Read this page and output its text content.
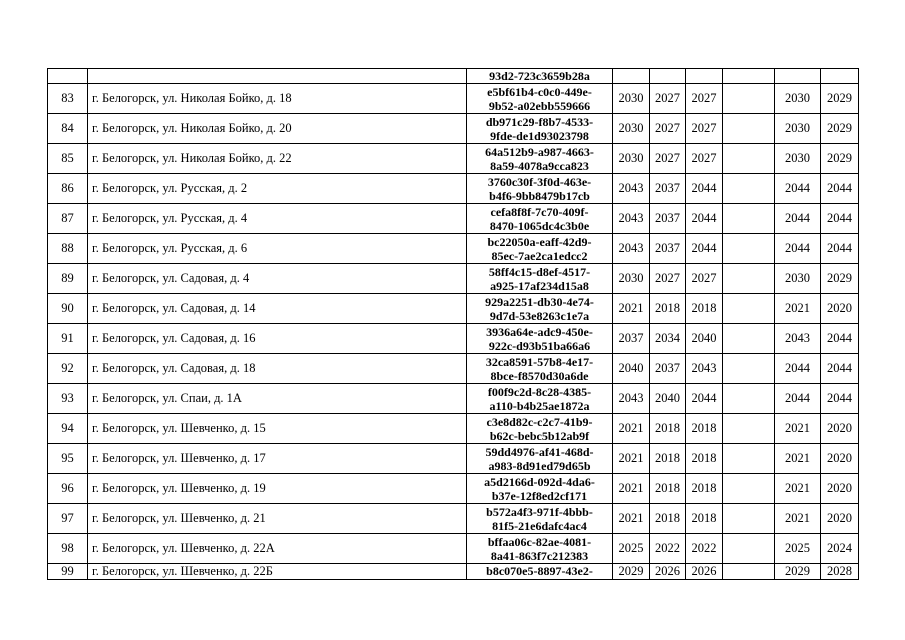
		93d2-723c3659b28a						

83	г. Белогорск, ул. Николая Бойко, д. 18	e5bf61b4-c0c0-449e-
9b52-a02ebb559666	2030	2027	2027		2030	2029
84	г. Белогорск, ул. Николая Бойко, д. 20	db971c29-f8b7-4533-
9fde-de1d93023798	2030	2027	2027		2030	2029
85	г. Белогорск, ул. Николая Бойко, д. 22	64a512b9-a987-4663-
8a59-4078a9cca823	2030	2027	2027		2030	2029
86	г. Белогорск, ул. Русская, д. 2	3760c30f-3f0d-463e-
b4f6-9bb8479b17cb	2043	2037	2044		2044	2044
87	г. Белогорск, ул. Русская, д. 4	cefa8f8f-7c70-409f-
8470-1065dc4c3b0e	2043	2037	2044		2044	2044
88	г. Белогорск, ул. Русская, д. 6	bc22050a-eaff-42d9-
85ec-7ae2ca1edcc2	2043	2037	2044		2044	2044
89	г. Белогорск, ул. Садовая, д. 4	58ff4c15-d8ef-4517-
a925-17af234d15a8	2030	2027	2027		2030	2029
90	г. Белогорск, ул. Садовая, д. 14	929a2251-db30-4e74-
9d7d-53e8263c1e7a	2021	2018	2018		2021	2020
91	г. Белогорск, ул. Садовая, д. 16	3936a64e-adc9-450e-
922c-d93b51ba66a6	2037	2034	2040		2043	2044
92	г. Белогорск, ул. Садовая, д. 18	32ca8591-57b8-4e17-
8bce-f8570d30a6de	2040	2037	2043		2044	2044
93	г. Белогорск, ул. Спаи, д. 1А	f00f9c2d-8c28-4385-
a110-b4b25ae1872a	2043	2040	2044		2044	2044
94	г. Белогорск, ул. Шевченко, д. 15	c3e8d82c-c2c7-41b9-
b62c-bebc5b12ab9f	2021	2018	2018		2021	2020
95	г. Белогорск, ул. Шевченко, д. 17	59dd4976-af41-468d-
a983-8d91ed79d65b	2021	2018	2018		2021	2020
96	г. Белогорск, ул. Шевченко, д. 19	a5d2166d-092d-4da6-
b37e-12f8ed2cf171	2021	2018	2018		2021	2020
97	г. Белогорск, ул. Шевченко, д. 21	b572a4f3-971f-4bbb-
81f5-21e6dafc4ac4	2021	2018	2018		2021	2020
98	г. Белогорск, ул. Шевченко, д. 22А	bffaa06c-82ae-4081-
8a41-863f7c212383	2025	2022	2022		2025	2024
99	г. Белогорск, ул. Шевченко, д. 22Б	b8c070e5-8897-43e2-	2029	2026	2026		2029	2028
